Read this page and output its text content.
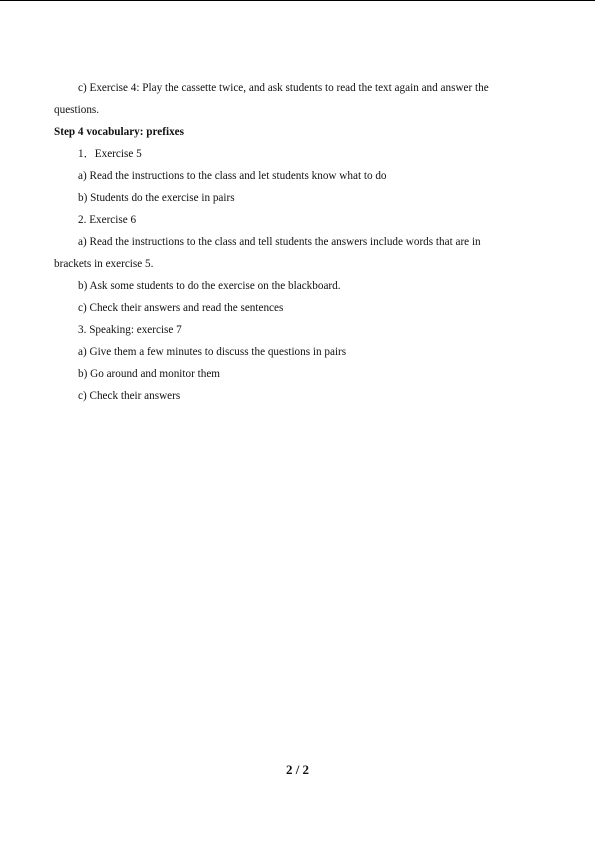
c) Exercise 4: Play the cassette twice, and ask students to read the text again and answer the
questions.
Step 4 vocabulary: prefixes
1．Exercise 5
a) Read the instructions to the class and let students know what to do
b) Students do the exercise in pairs
2. Exercise 6
a) Read the instructions to the class and tell students the answers include words that are in
brackets in exercise 5.
b) Ask some students to do the exercise on the blackboard.
c) Check their answers and read the sentences
3. Speaking: exercise 7
a) Give them a few minutes to discuss the questions in pairs
b) Go around and monitor them
c) Check their answers
2 / 2
